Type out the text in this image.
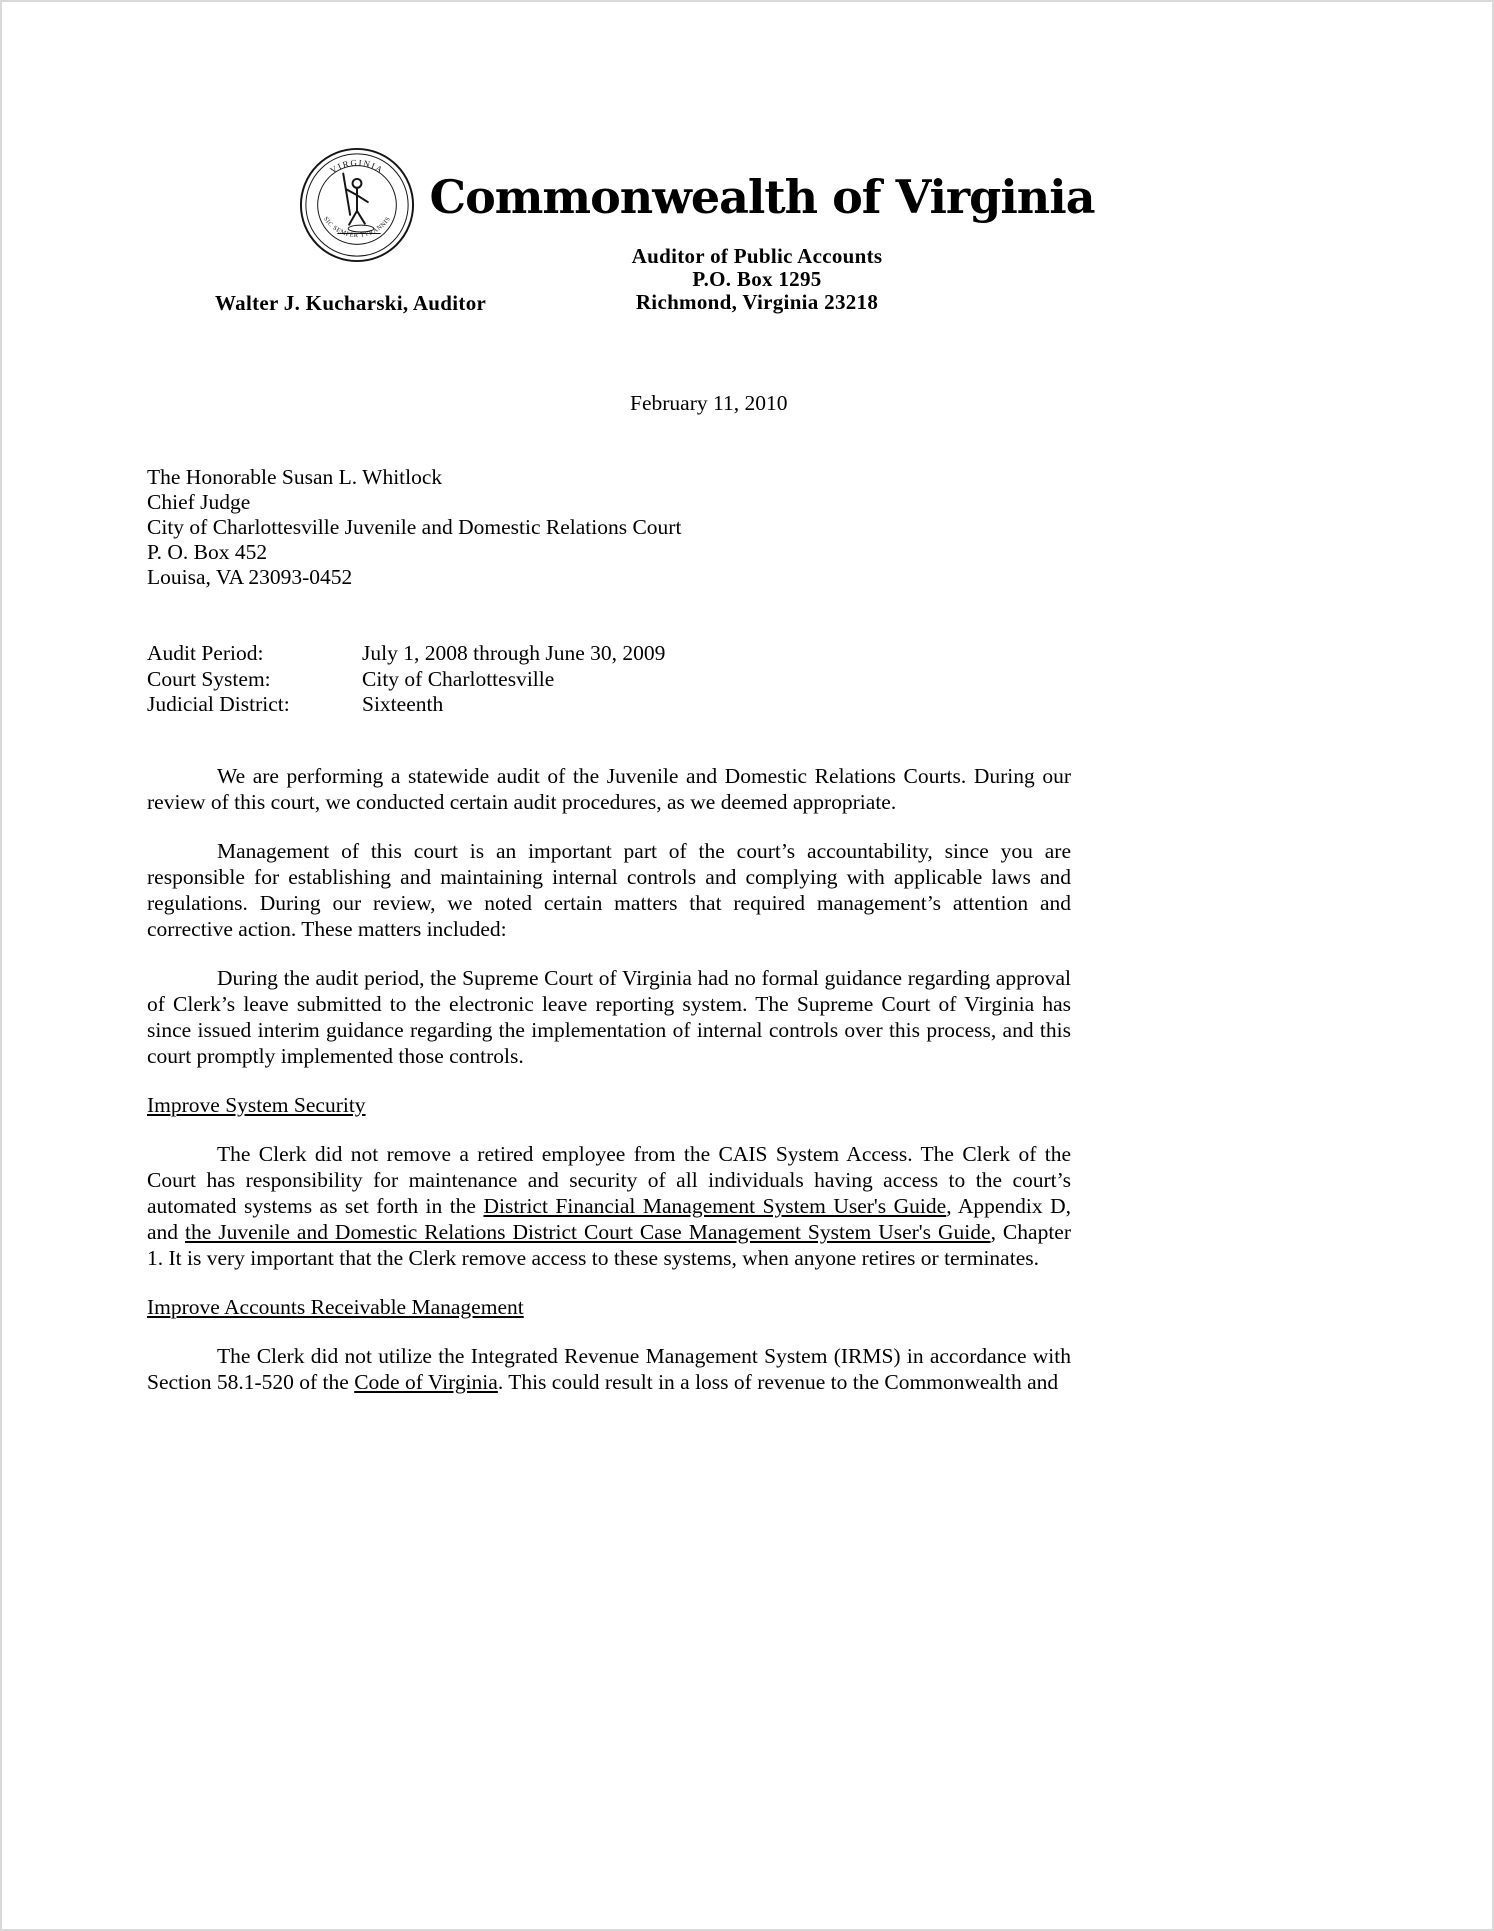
VIRGINIA
SIC SEMPER TYRANNIS Commonwealth of Virginia
Auditor of Public Accounts
P.O. Box 1295
Richmond, Virginia 23218
Walter J. Kucharski, Auditor
February 11, 2010
The Honorable Susan L. Whitlock
Chief Judge
City of Charlottesville Juvenile and Domestic Relations Court
P. O. Box 452
Louisa, VA 23093-0452
Audit Period:	July 1, 2008 through June 30, 2009
Court System:	City of Charlottesville
Judicial District:	Sixteenth

We are performing a statewide audit of the Juvenile and Domestic Relations Courts. During our review of this court, we conducted certain audit procedures, as we deemed appropriate.

Management of this court is an important part of the court’s accountability, since you are responsible for establishing and maintaining internal controls and complying with applicable laws and regulations. During our review, we noted certain matters that required management’s attention and corrective action. These matters included:

During the audit period, the Supreme Court of Virginia had no formal guidance regarding approval of Clerk’s leave submitted to the electronic leave reporting system. The Supreme Court of Virginia has since issued interim guidance regarding the implementation of internal controls over this process, and this court promptly implemented those controls.

Improve System Security

The Clerk did not remove a retired employee from the CAIS System Access. The Clerk of the Court has responsibility for maintenance and security of all individuals having access to the court’s automated systems as set forth in the District Financial Management System User's Guide, Appendix D, and the Juvenile and Domestic Relations District Court Case Management System User's Guide, Chapter 1. It is very important that the Clerk remove access to these systems, when anyone retires or terminates.

Improve Accounts Receivable Management

The Clerk did not utilize the Integrated Revenue Management System (IRMS) in accordance with Section 58.1-520 of the Code of Virginia. This could result in a loss of revenue to the Commonwealth and
